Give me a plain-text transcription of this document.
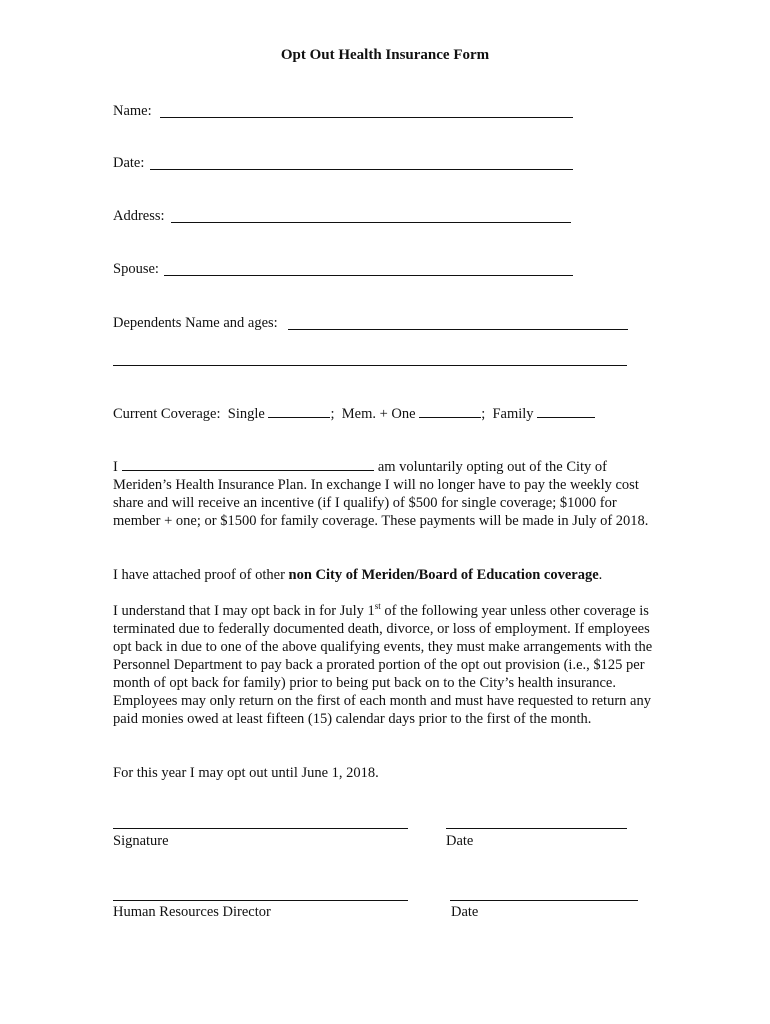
Opt Out Health Insurance Form
Name:
Date:
Address:
Spouse:
Dependents Name and ages:
Current Coverage: Single	;  Mem. + One	;  Family
I	am voluntarily opting out of the City of
Meriden’s Health Insurance Plan. In exchange I will no longer have to pay the weekly cost share and will receive an incentive (if I qualify) of $500 for single coverage; $1000 for member + one; or $1500 for family coverage. These payments will be made in July of 2018.
I have attached proof of other non City of Meriden/Board of Education coverage.
I understand that I may opt back in for July 1st of the following year unless other coverage is terminated due to federally documented death, divorce, or loss of employment. If employees opt back in due to one of the above qualifying events, they must make arrangements with the Personnel Department to pay back a prorated portion of the opt out provision (i.e., $125 per month of opt back for family) prior to being put back on to the City’s health insurance. Employees may only return on the first of each month and must have requested to return any paid monies owed at least fifteen (15) calendar days prior to the first of the month.
For this year I may opt out until June 1, 2018.
Signature	Date
Human Resources Director	Date
